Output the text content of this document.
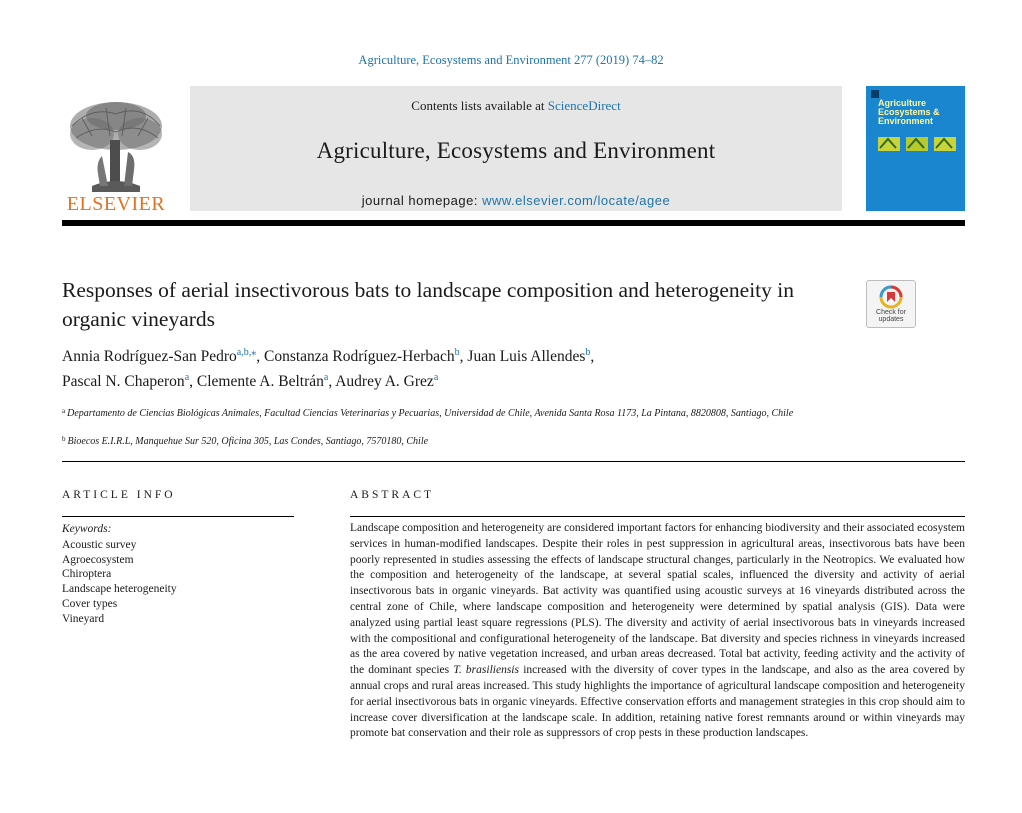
Agriculture, Ecosystems and Environment 277 (2019) 74–82
ELSEVIER
Contents lists available at ScienceDirect
Agriculture, Ecosystems and Environment
journal homepage: www.elsevier.com/locate/agee
Agriculture
Ecosystems &
Environment
Responses of aerial insectivorous bats to landscape composition and heterogeneity in organic vineyards	Check for
updates
Annia Rodríguez-San Pedro$^{a,b,⁎}$, Constanza Rodríguez-Herbach$^b$, Juan Luis Allendes$^b$,
Pascal N. Chaperon$^a$, Clemente A. Beltrán$^a$, Audrey A. Grez$^a$
$^a$ Departamento de Ciencias Biológicas Animales, Facultad Ciencias Veterinarias y Pecuarias, Universidad de Chile, Avenida Santa Rosa 1173, La Pintana, 8820808, Santiago, Chile
$^b$ Bioecos E.I.R.L, Manquehue Sur 520, Oficina 305, Las Condes, Santiago, 7570180, Chile
ARTICLE INFO
Keywords:
Acoustic survey
Agroecosystem
Chiroptera
Landscape heterogeneity
Cover types
Vineyard
ABSTRACT

Landscape composition and heterogeneity are considered important factors for enhancing biodiversity and their associated ecosystem services in human-modified landscapes. Despite their roles in pest suppression in agricultural areas, insectivorous bats have been poorly represented in studies assessing the effects of landscape structural changes, particularly in the Neotropics. We evaluated how the composition and heterogeneity of the landscape, at several spatial scales, influenced the diversity and activity of aerial insectivorous bats in organic vineyards. Bat activity was quantified using acoustic surveys at 16 vineyards distributed across the central zone of Chile, where landscape composition and heterogeneity were determined by spatial analysis (GIS). Data were analyzed using partial least square regressions (PLS). The diversity and activity of aerial insectivorous bats in vineyards increased with the compositional and configurational heterogeneity of the landscape. Bat diversity and species richness in vineyards increased as the area covered by native vegetation increased, and urban areas decreased. Total bat activity, feeding activity and the activity of the dominant species T. brasiliensis increased with the diversity of cover types in the landscape, and also as the area covered by annual crops and rural areas increased. This study highlights the importance of agricultural landscape composition and heterogeneity for aerial insectivorous bats in organic vineyards. Effective conservation efforts and management strategies in this crop should aim to increase cover diversification at the landscape scale. In addition, retaining native forest remnants around or within vineyards may promote bat conservation and their role as suppressors of crop pests in these production landscapes.
